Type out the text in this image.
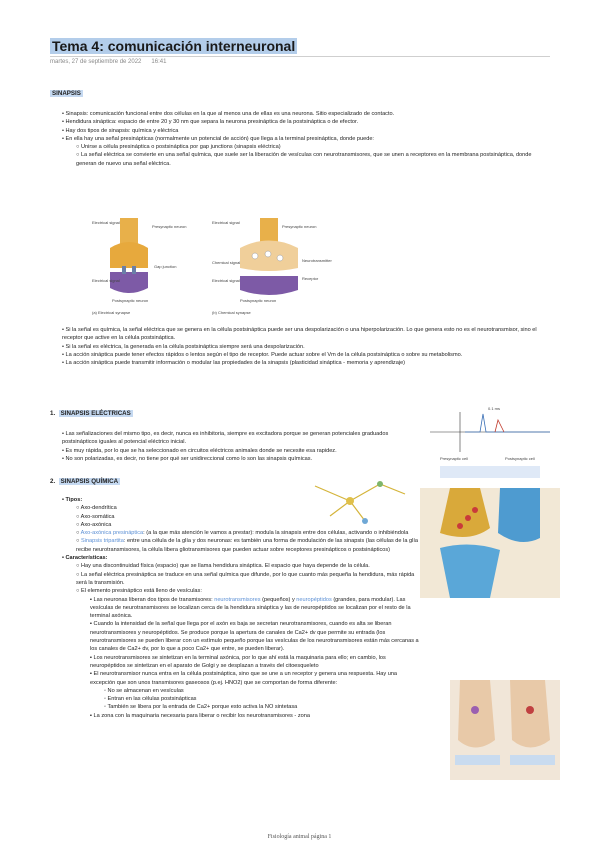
Tema 4: comunicación interneuronal
martes, 27 de septiembre de 2022 16:41
SINAPSIS

• Sinapsis: comunicación funcional entre dos células en la que al menos una de ellas es una neurona. Sitio especializado de contacto.

• Hendidura sináptica: espacio de entre 20 y 30 nm que separa la neurona presináptica de la postsináptica o de efector.

• Hay dos tipos de sinapsis: química y eléctrica

• En ella hay una señal presinápticas (normalmente un potencial de acción) que llega a la terminal presináptica, donde puede:

○ Unirse a célula presináptica o postsináptica por gap junctions (sinapsis eléctrica)

○ La señal eléctrica se convierte en una señal química, que suele ser la liberación de vesículas con neurotransmisores, que se unen a receptores en la membrana postsináptica, donde generan de nuevo una señal eléctrica.

Electrical signal
Presynaptic neuron
Gap junction
Electrical signal
Postsynaptic neuron
(a) Electrical synapse
Electrical signal
Presynaptic neuron
Chemical signal	Neurotransmitter
Receptor
Electrical signal
Postsynaptic neuron
(b) Chemical synapse

• Si la señal es química, la señal eléctrica que se genera en la célula postsináptica puede ser una despolarización o una hiperpolarización. Lo que genera esto no es el neurotransmisor, sino el receptor que active en la célula postsináptica.

• Si la señal es eléctrica, la generada en la célula postsináptica siempre será una despolarización.

• La acción sináptica puede tener efectos rápidos o lentos según el tipo de receptor. Puede actuar sobre el Vm de la célula postsináptica o sobre su metabolismo.

• La acción sináptica puede transmitir información o modular las propiedades de la sinapsis (plasticidad sináptica - memoria y aprendizaje)

1. SINAPSIS ELÉCTRICAS

• Las señalizaciones del mismo tipo, es decir, nunca es inhibitoria, siempre es excitadora porque se generan potenciales graduados postsinápticos iguales al potencial eléctrico inicial.

• Es muy rápida, por lo que se ha seleccionado en circuitos eléctricos animales donde se necesite esa rapidez.

• No son polarizadas, es decir, no tiene por qué ser unidireccional como lo son las sinapsis químicas.	Presynaptic cell	Postsynaptic cell
0.1 ms
2. SINAPSIS QUÍMICA

• Tipos:

○ Axo-dendrítica

○ Axo-somática

○ Axo-axónica

○ Axo-axónica presináptica: (a la que más atención le vamos a prestar): modula la sinapsis entre dos células, activando o inhibiéndola

○ Sinapsis tripartita: entre una célula de la glía y dos neuronas: es también una forma de modulación de las sinapsis (las células de la glía recibe neurotransmisores, la célula libera gliotransmisores que pueden actuar sobre receptores presinápticos o postsinápticos)

• Características:

○ Hay una discontinuidad física (espacio) que se llama hendidura sináptica. El espacio que haya depende de la célula.

○ La señal eléctrica presináptica se traduce en una señal química que difunde, por lo que cuanto más pequeña la hendidura, más rápida será la transmisión.

○ El elemento presináptico está lleno de vesículas:

▪ Las neuronas liberan dos tipos de transmisores: neurotransmisores (pequeños) y neuropéptidos (grandes, para modular). Las vesículas de neurotransmisores se localizan cerca de la hendidura sináptica y las de neuropéptidos se localizan por el resto de la terminal axónica.

▪ Cuando la intensidad de la señal que llega por el axón es baja se secretan neurotransmisores, cuando es alta se liberan neurotransmisores y neuropéptidos. Se produce porque la apertura de canales de Ca2+ dv que permite su entrada (los neurotransmisores se pueden liberar con un estímulo pequeño porque las vesículas de los neurotransmisores están más cercanas a los canales de Ca2+ dv, por lo que a poco Ca2+ que entre, se pueden liberar).

▪ Los neurotransmisores se sintetizan en la terminal axónica, por lo que ahí está la maquinaria para ello; en cambio, los neuropéptidos se sintetizan en el aparato de Golgi y se desplazan a través del citoesqueleto

▪ El neurotransmisor nunca entra en la célula postsináptica, sino que se une a un receptor y genera una respuesta. Hay una excepción que son unos transmisores gaseosos (p.ej. HNO2) que se comportan de forma diferente:

◦ No se almacenan en vesículas

◦ Entran en las células postsinápticas

◦ También se libera por la entrada de Ca2+ porque esto activa la NO sintetasa

▪ La zona con la maquinaria necesaria para liberar o recibir los neurotransmisores - zona

Fisiología animal página 1
